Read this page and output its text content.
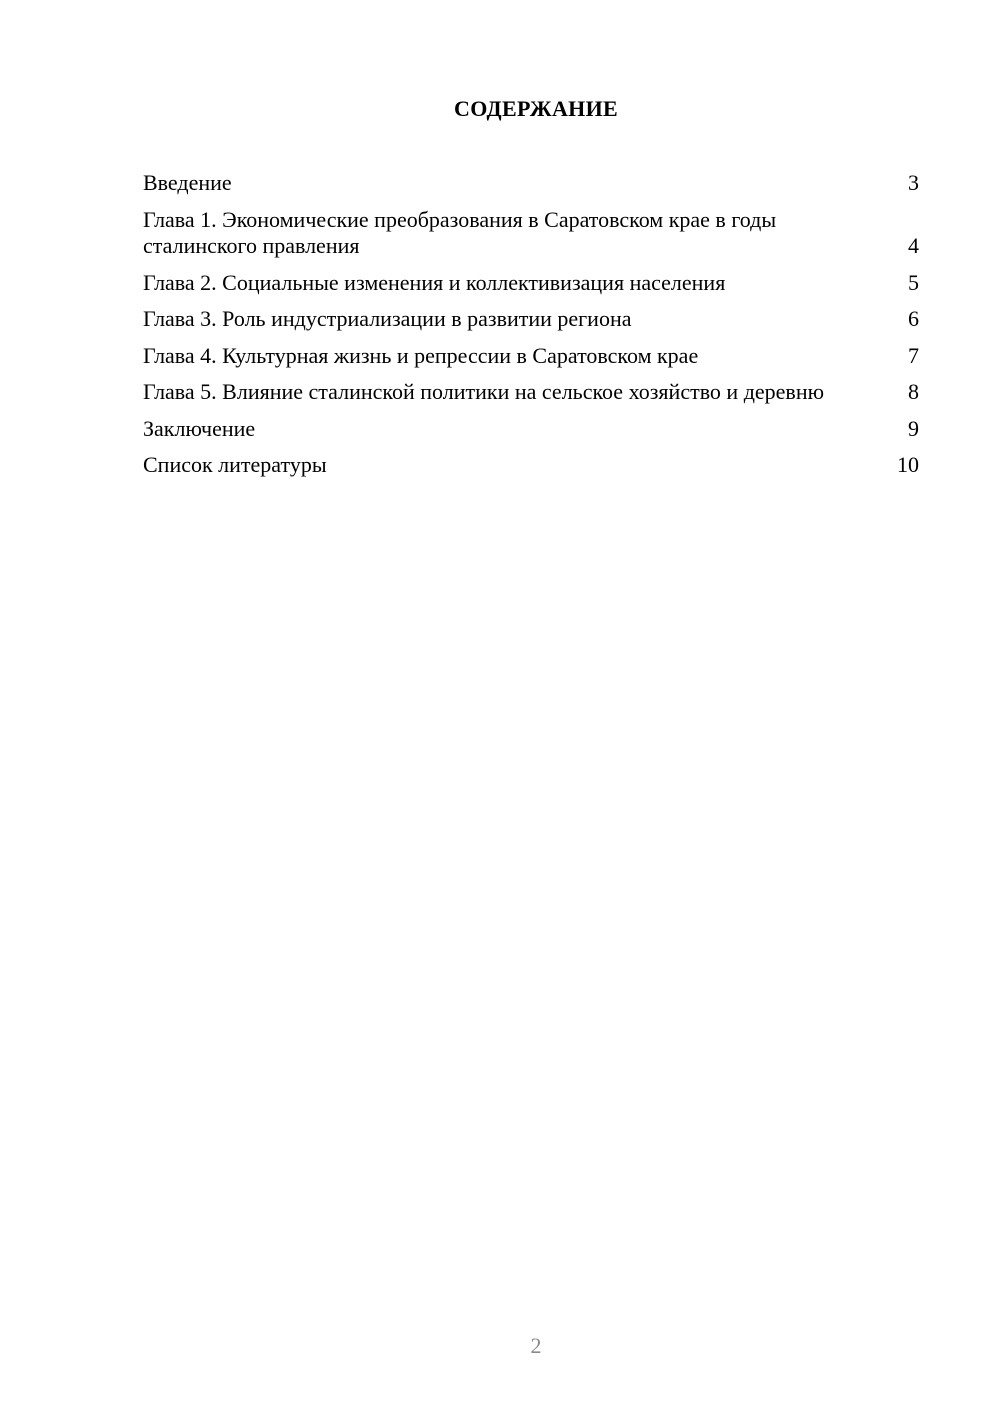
СОДЕРЖАНИЕ
Введение	3
Глава 1. Экономические преобразования в Саратовском крае в годы сталинского правления	4
Глава 2. Социальные изменения и коллективизация населения	5
Глава 3. Роль индустриализации в развитии региона	6
Глава 4. Культурная жизнь и репрессии в Саратовском крае	7
Глава 5. Влияние сталинской политики на сельское хозяйство и деревню	8
Заключение	9
Список литературы	10
2
